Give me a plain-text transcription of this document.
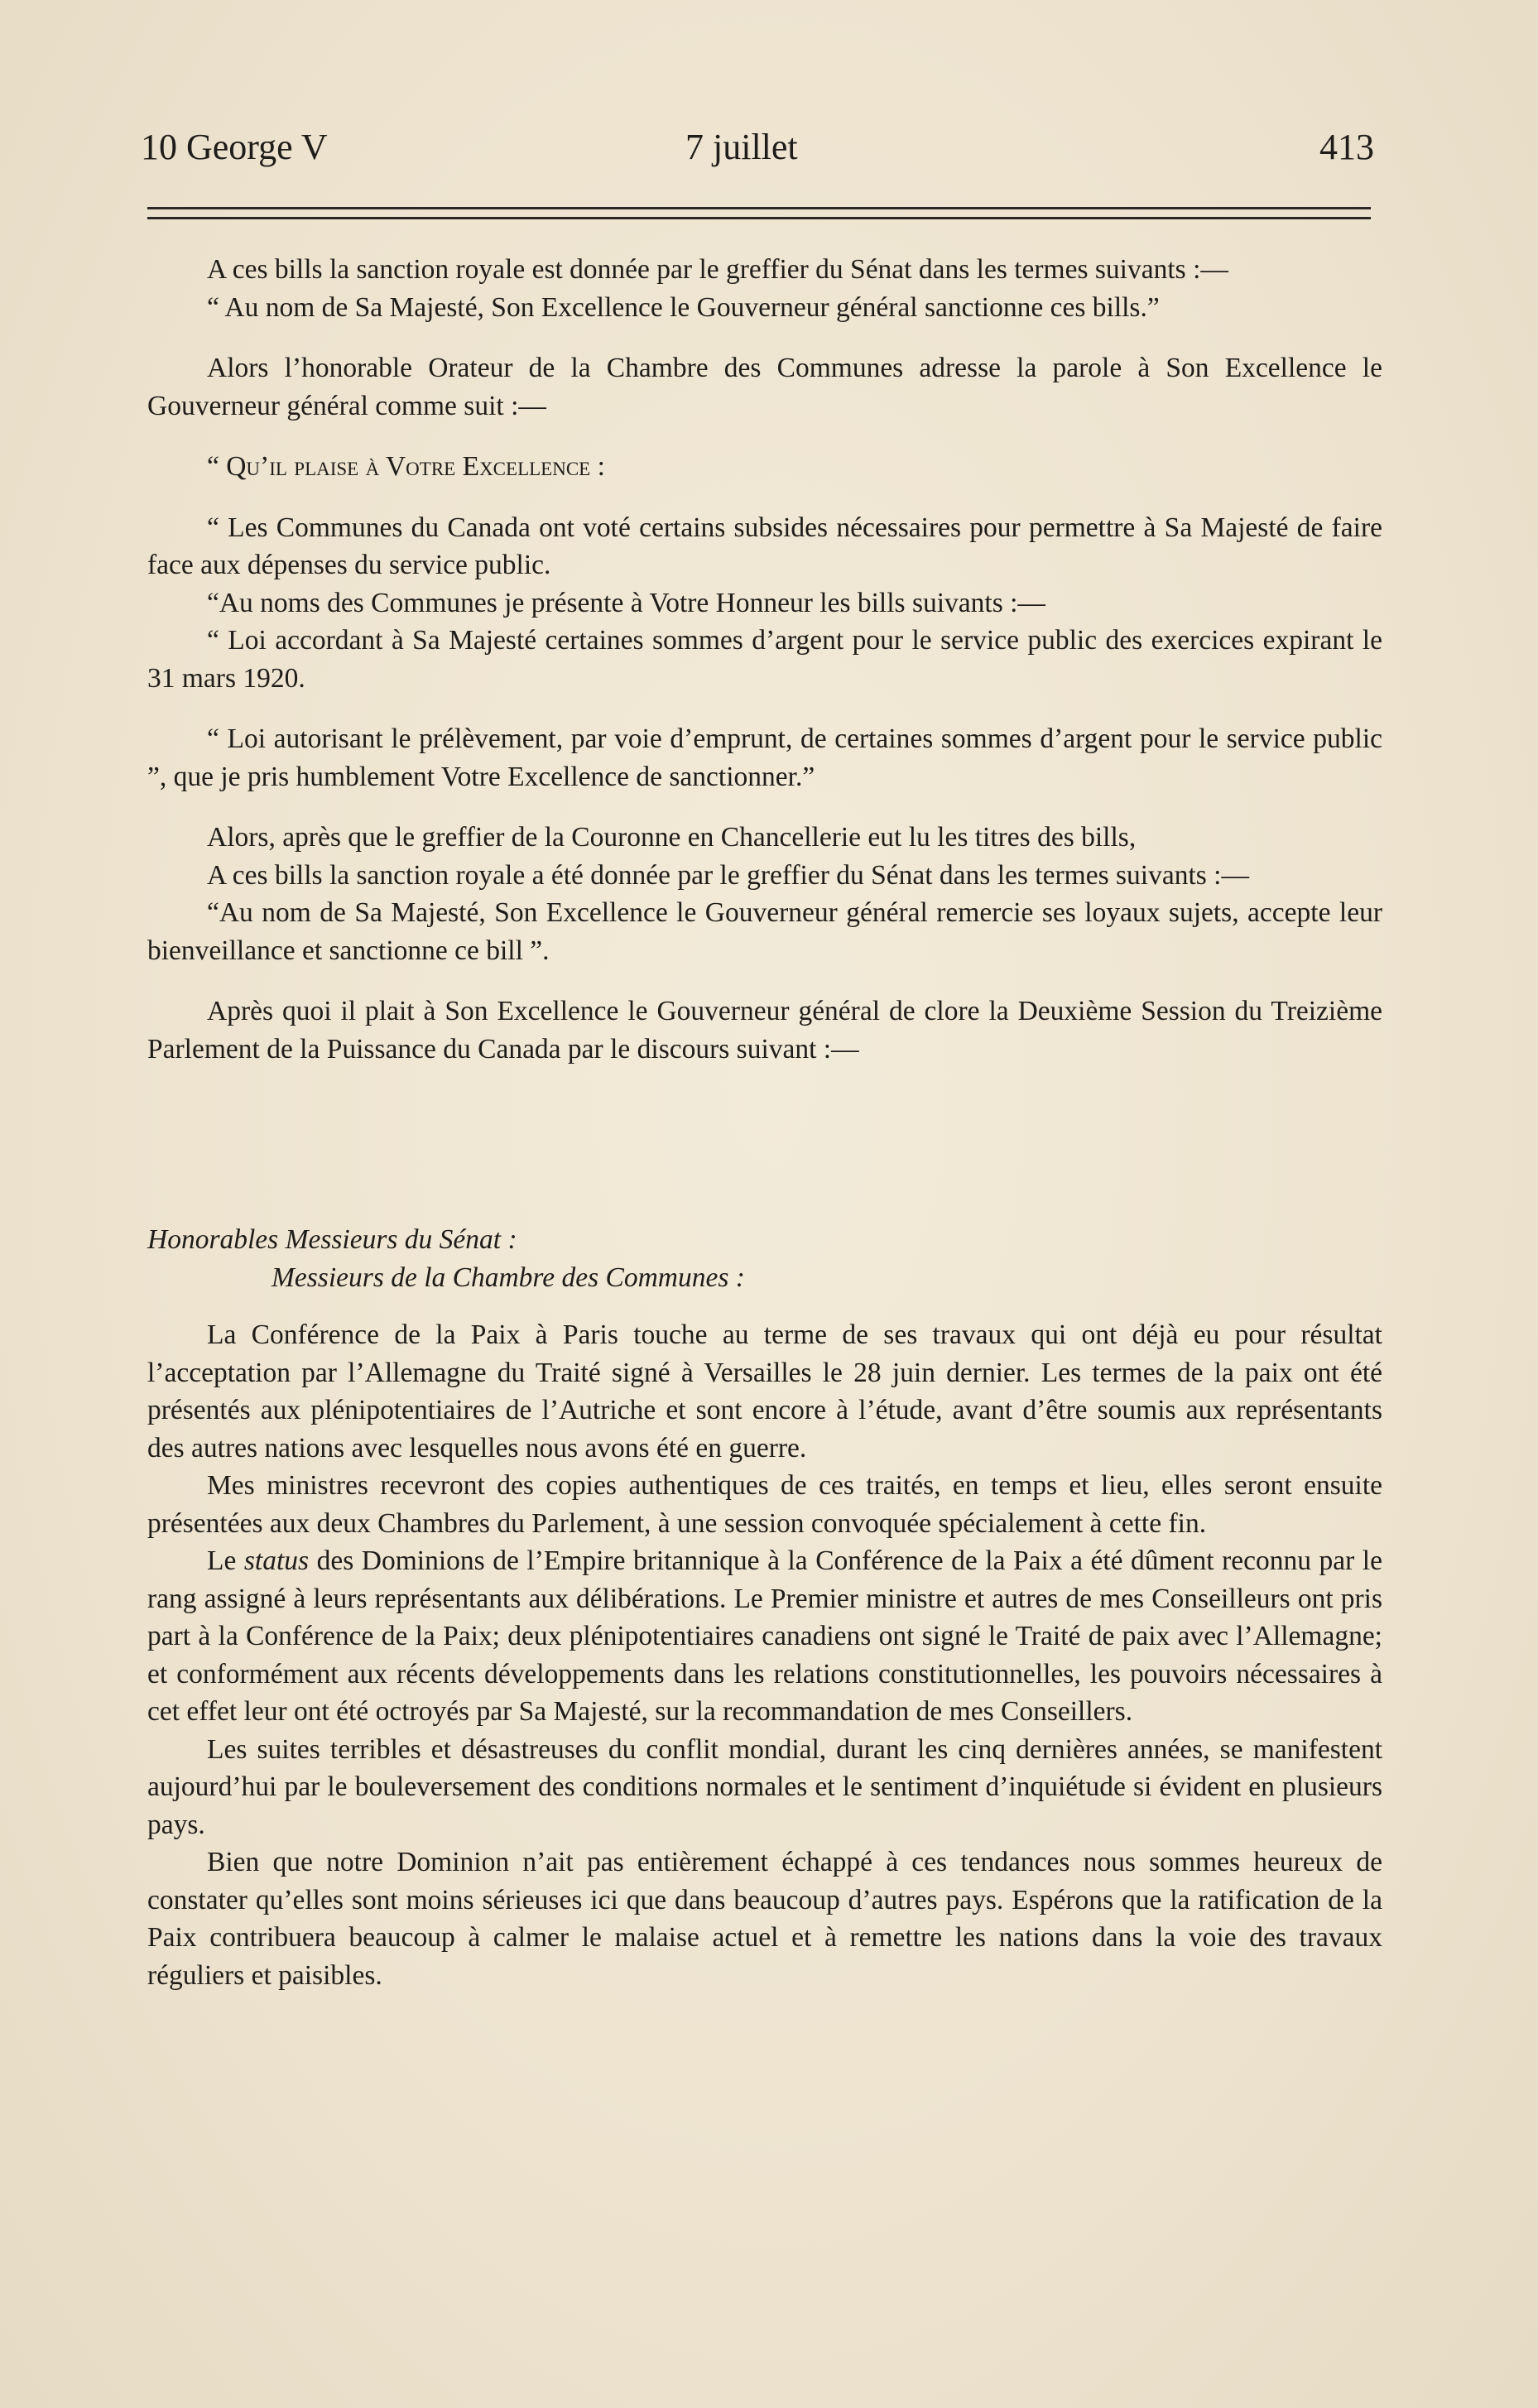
10 George V	7 juillet	413

A ces bills la sanction royale est donnée par le greffier du Sénat dans les termes suivants :—

“ Au nom de Sa Majesté, Son Excellence le Gouverneur général sanctionne ces bills.”

Alors l’honorable Orateur de la Chambre des Communes adresse la parole à Son Excellence le Gouverneur général comme suit :—

“ Qu’il plaise à Votre Excellence :

“ Les Communes du Canada ont voté certains subsides nécessaires pour permettre à Sa Majesté de faire face aux dépenses du service public.

“Au noms des Communes je présente à Votre Honneur les bills suivants :—

“ Loi accordant à Sa Majesté certaines sommes d’argent pour le service public des exercices expirant le 31 mars 1920.

“ Loi autorisant le prélèvement, par voie d’emprunt, de certaines sommes d’argent pour le service public ”, que je pris humblement Votre Excellence de sanctionner.”

Alors, après que le greffier de la Couronne en Chancellerie eut lu les titres des bills,

A ces bills la sanction royale a été donnée par le greffier du Sénat dans les termes suivants :—

“Au nom de Sa Majesté, Son Excellence le Gouverneur général remercie ses loyaux sujets, accepte leur bienveillance et sanctionne ce bill ”.

Après quoi il plait à Son Excellence le Gouverneur général de clore la Deuxième Session du Treizième Parlement de la Puissance du Canada par le discours suivant :—

Honorables Messieurs du Sénat :

Messieurs de la Chambre des Communes :

La Conférence de la Paix à Paris touche au terme de ses travaux qui ont déjà eu pour résultat l’acceptation par l’Allemagne du Traité signé à Versailles le 28 juin dernier. Les termes de la paix ont été présentés aux plénipotentiaires de l’Autriche et sont encore à l’étude, avant d’être soumis aux représentants des autres nations avec lesquelles nous avons été en guerre.

Mes ministres recevront des copies authentiques de ces traités, en temps et lieu, elles seront ensuite présentées aux deux Chambres du Parlement, à une session convoquée spécialement à cette fin.

Le status des Dominions de l’Empire britannique à la Conférence de la Paix a été dûment reconnu par le rang assigné à leurs représentants aux délibérations. Le Premier ministre et autres de mes Conseilleurs ont pris part à la Conférence de la Paix; deux plénipotentiaires canadiens ont signé le Traité de paix avec l’Allemagne; et conformément aux récents développements dans les relations constitutionnelles, les pouvoirs nécessaires à cet effet leur ont été octroyés par Sa Majesté, sur la recommandation de mes Conseillers.

Les suites terribles et désastreuses du conflit mondial, durant les cinq dernières années, se manifestent aujourd’hui par le bouleversement des conditions normales et le sentiment d’inquiétude si évident en plusieurs pays.

Bien que notre Dominion n’ait pas entièrement échappé à ces tendances nous sommes heureux de constater qu’elles sont moins sérieuses ici que dans beaucoup d’autres pays. Espérons que la ratification de la Paix contribuera beaucoup à calmer le malaise actuel et à remettre les nations dans la voie des travaux réguliers et paisibles.
